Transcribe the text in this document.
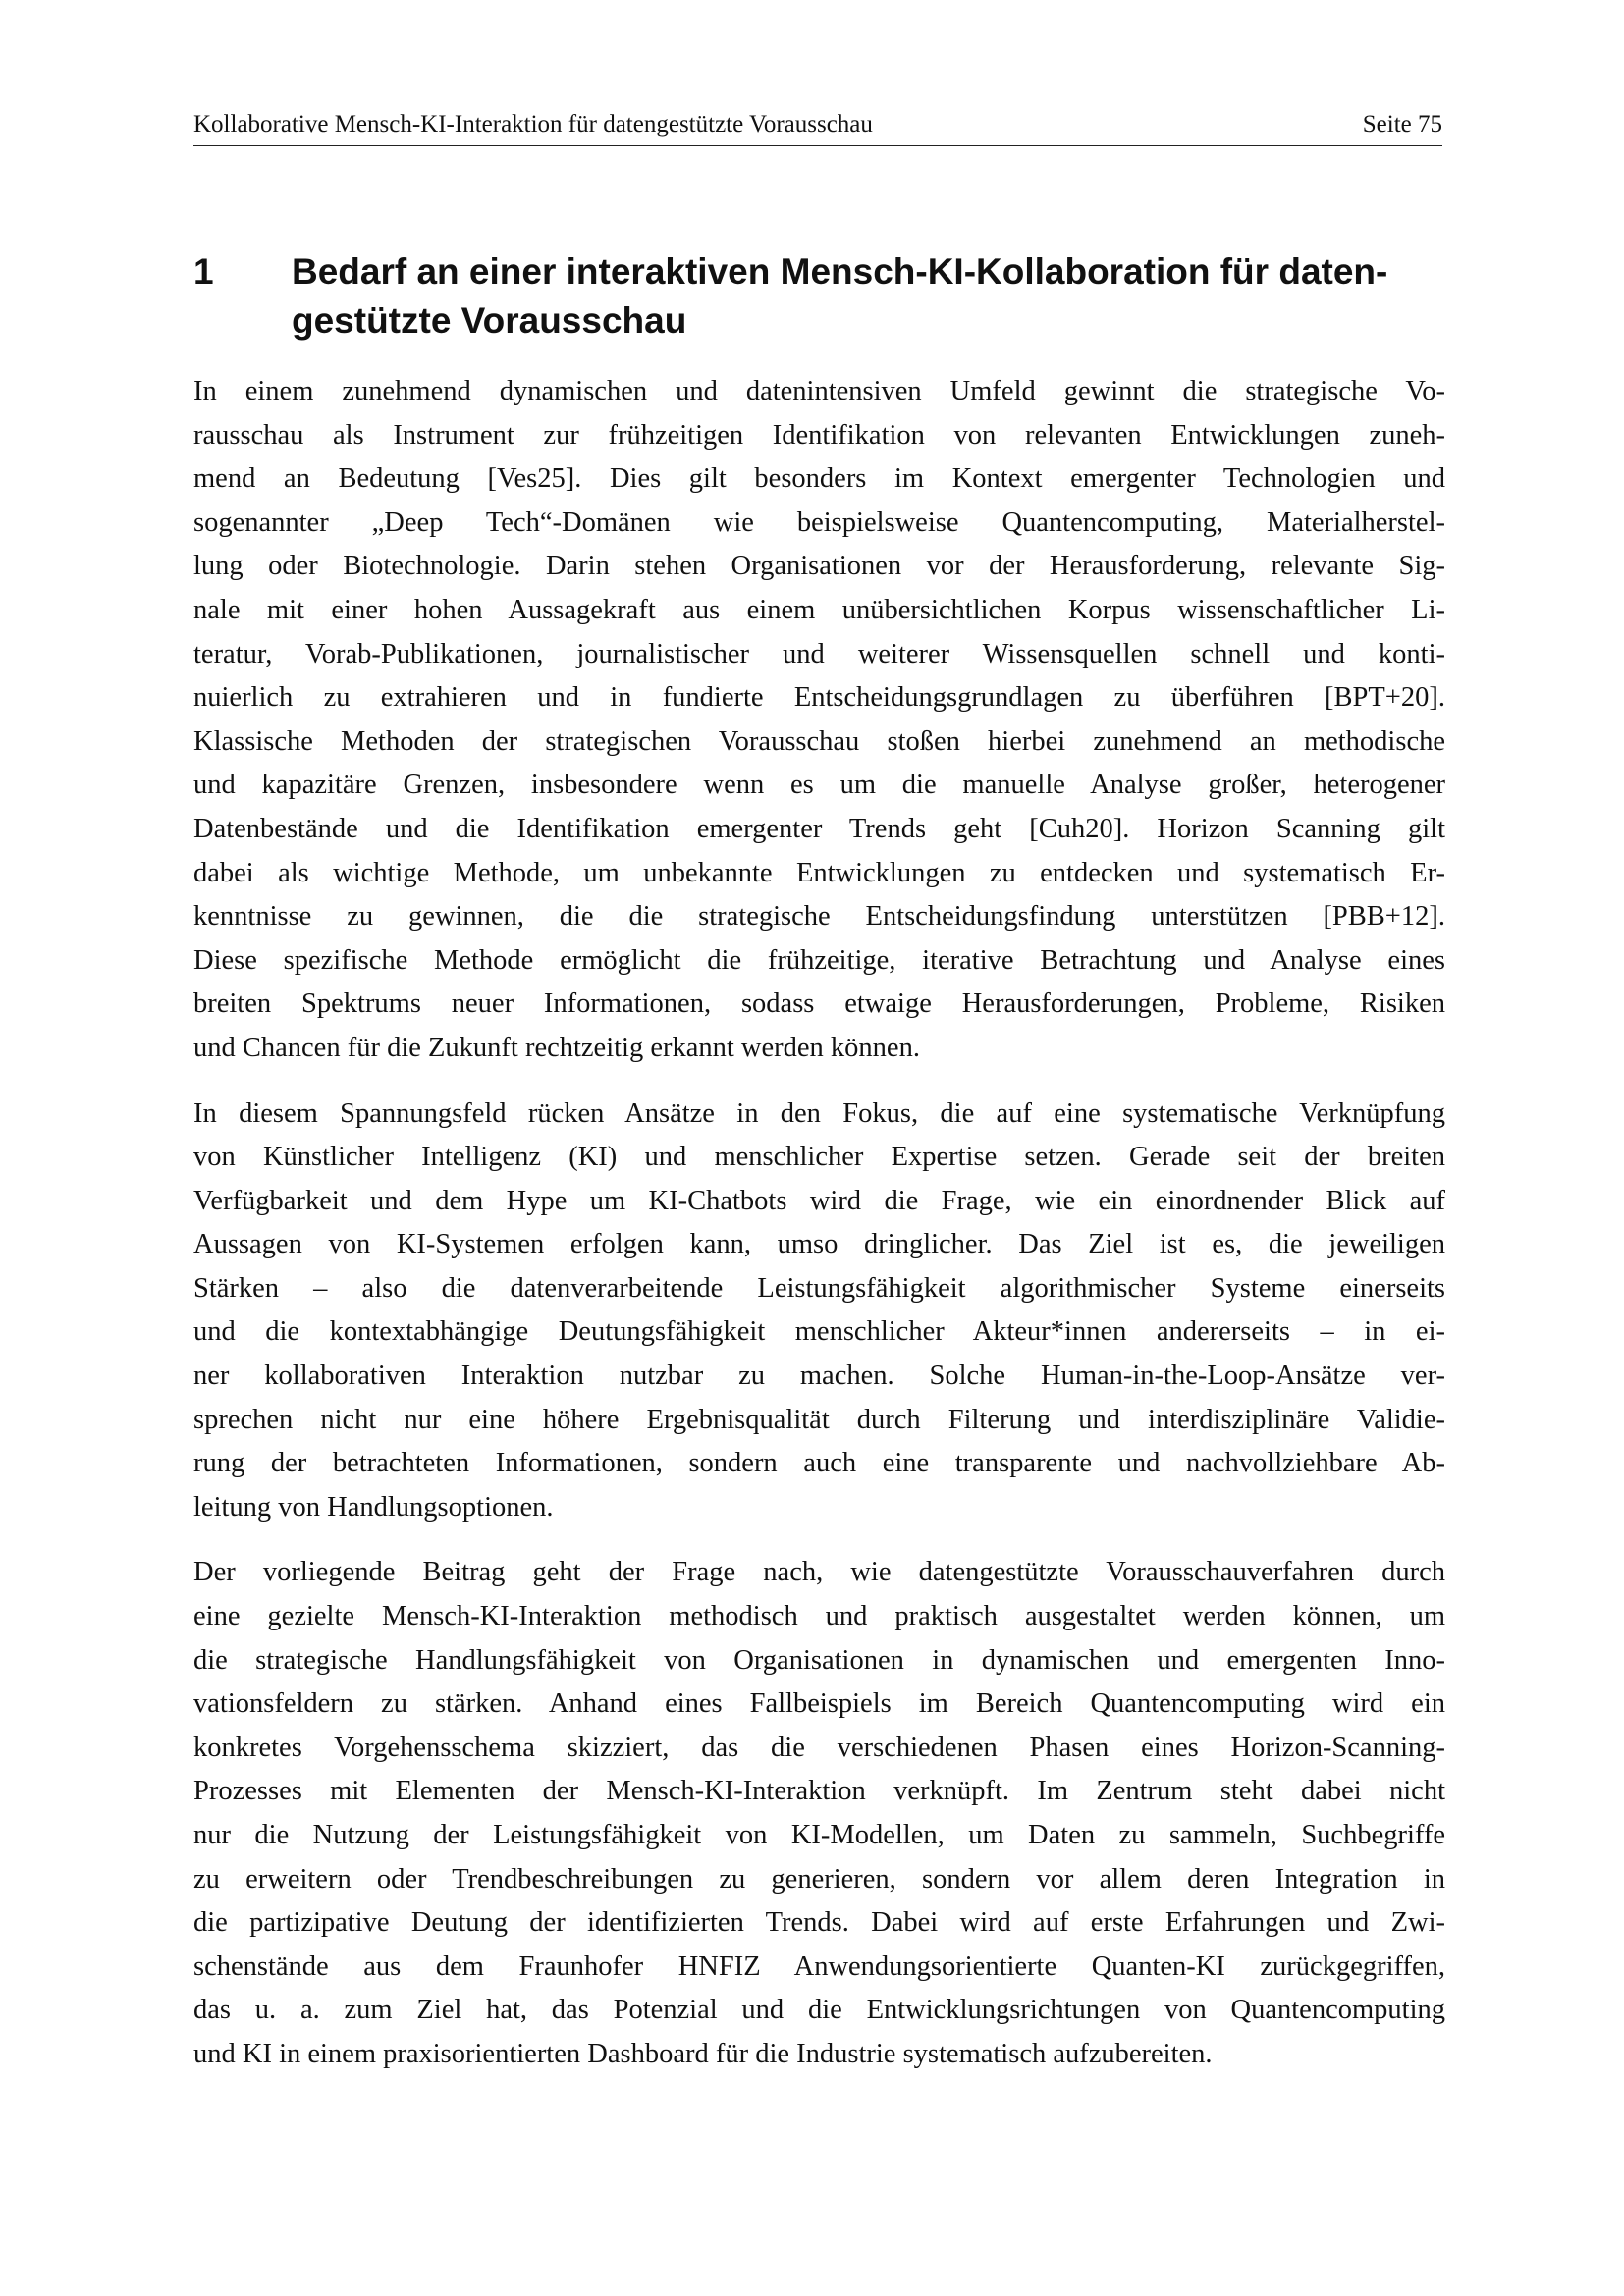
Kollaborative Mensch-KI-Interaktion für datengestützte Vorausschau	Seite 75
1 Bedarf an einer interaktiven Mensch-KI-Kollaboration für daten-
gestützte Vorausschau

In einem zunehmend dynamischen und datenintensiven Umfeld gewinnt die strategische Vo-
rausschau als Instrument zur frühzeitigen Identifikation von relevanten Entwicklungen zuneh-
mend an Bedeutung [Ves25]. Dies gilt besonders im Kontext emergenter Technologien und
sogenannter „Deep Tech“-Domänen wie beispielsweise Quantencomputing, Materialherstel-
lung oder Biotechnologie. Darin stehen Organisationen vor der Herausforderung, relevante Sig-
nale mit einer hohen Aussagekraft aus einem unübersichtlichen Korpus wissenschaftlicher Li-
teratur, Vorab-Publikationen, journalistischer und weiterer Wissensquellen schnell und konti-
nuierlich zu extrahieren und in fundierte Entscheidungsgrundlagen zu überführen [BPT+20].
Klassische Methoden der strategischen Vorausschau stoßen hierbei zunehmend an methodische
und kapazitäre Grenzen, insbesondere wenn es um die manuelle Analyse großer, heterogener
Datenbestände und die Identifikation emergenter Trends geht [Cuh20]. Horizon Scanning gilt
dabei als wichtige Methode, um unbekannte Entwicklungen zu entdecken und systematisch Er-
kenntnisse zu gewinnen, die die strategische Entscheidungsfindung unterstützen [PBB+12].
Diese spezifische Methode ermöglicht die frühzeitige, iterative Betrachtung und Analyse eines
breiten Spektrums neuer Informationen, sodass etwaige Herausforderungen, Probleme, Risiken
und Chancen für die Zukunft rechtzeitig erkannt werden können.

In diesem Spannungsfeld rücken Ansätze in den Fokus, die auf eine systematische Verknüpfung
von Künstlicher Intelligenz (KI) und menschlicher Expertise setzen. Gerade seit der breiten
Verfügbarkeit und dem Hype um KI-Chatbots wird die Frage, wie ein einordnender Blick auf
Aussagen von KI-Systemen erfolgen kann, umso dringlicher. Das Ziel ist es, die jeweiligen
Stärken – also die datenverarbeitende Leistungsfähigkeit algorithmischer Systeme einerseits
und die kontextabhängige Deutungsfähigkeit menschlicher Akteur*innen andererseits – in ei-
ner kollaborativen Interaktion nutzbar zu machen. Solche Human-in-the-Loop-Ansätze ver-
sprechen nicht nur eine höhere Ergebnisqualität durch Filterung und interdisziplinäre Validie-
rung der betrachteten Informationen, sondern auch eine transparente und nachvollziehbare Ab-
leitung von Handlungsoptionen.

Der vorliegende Beitrag geht der Frage nach, wie datengestützte Vorausschauverfahren durch
eine gezielte Mensch-KI-Interaktion methodisch und praktisch ausgestaltet werden können, um
die strategische Handlungsfähigkeit von Organisationen in dynamischen und emergenten Inno-
vationsfeldern zu stärken. Anhand eines Fallbeispiels im Bereich Quantencomputing wird ein
konkretes Vorgehensschema skizziert, das die verschiedenen Phasen eines Horizon-Scanning-
Prozesses mit Elementen der Mensch-KI-Interaktion verknüpft. Im Zentrum steht dabei nicht
nur die Nutzung der Leistungsfähigkeit von KI-Modellen, um Daten zu sammeln, Suchbegriffe
zu erweitern oder Trendbeschreibungen zu generieren, sondern vor allem deren Integration in
die partizipative Deutung der identifizierten Trends. Dabei wird auf erste Erfahrungen und Zwi-
schenstände aus dem Fraunhofer HNFIZ Anwendungsorientierte Quanten-KI zurückgegriffen,
das u. a. zum Ziel hat, das Potenzial und die Entwicklungsrichtungen von Quantencomputing
und KI in einem praxisorientierten Dashboard für die Industrie systematisch aufzubereiten.
